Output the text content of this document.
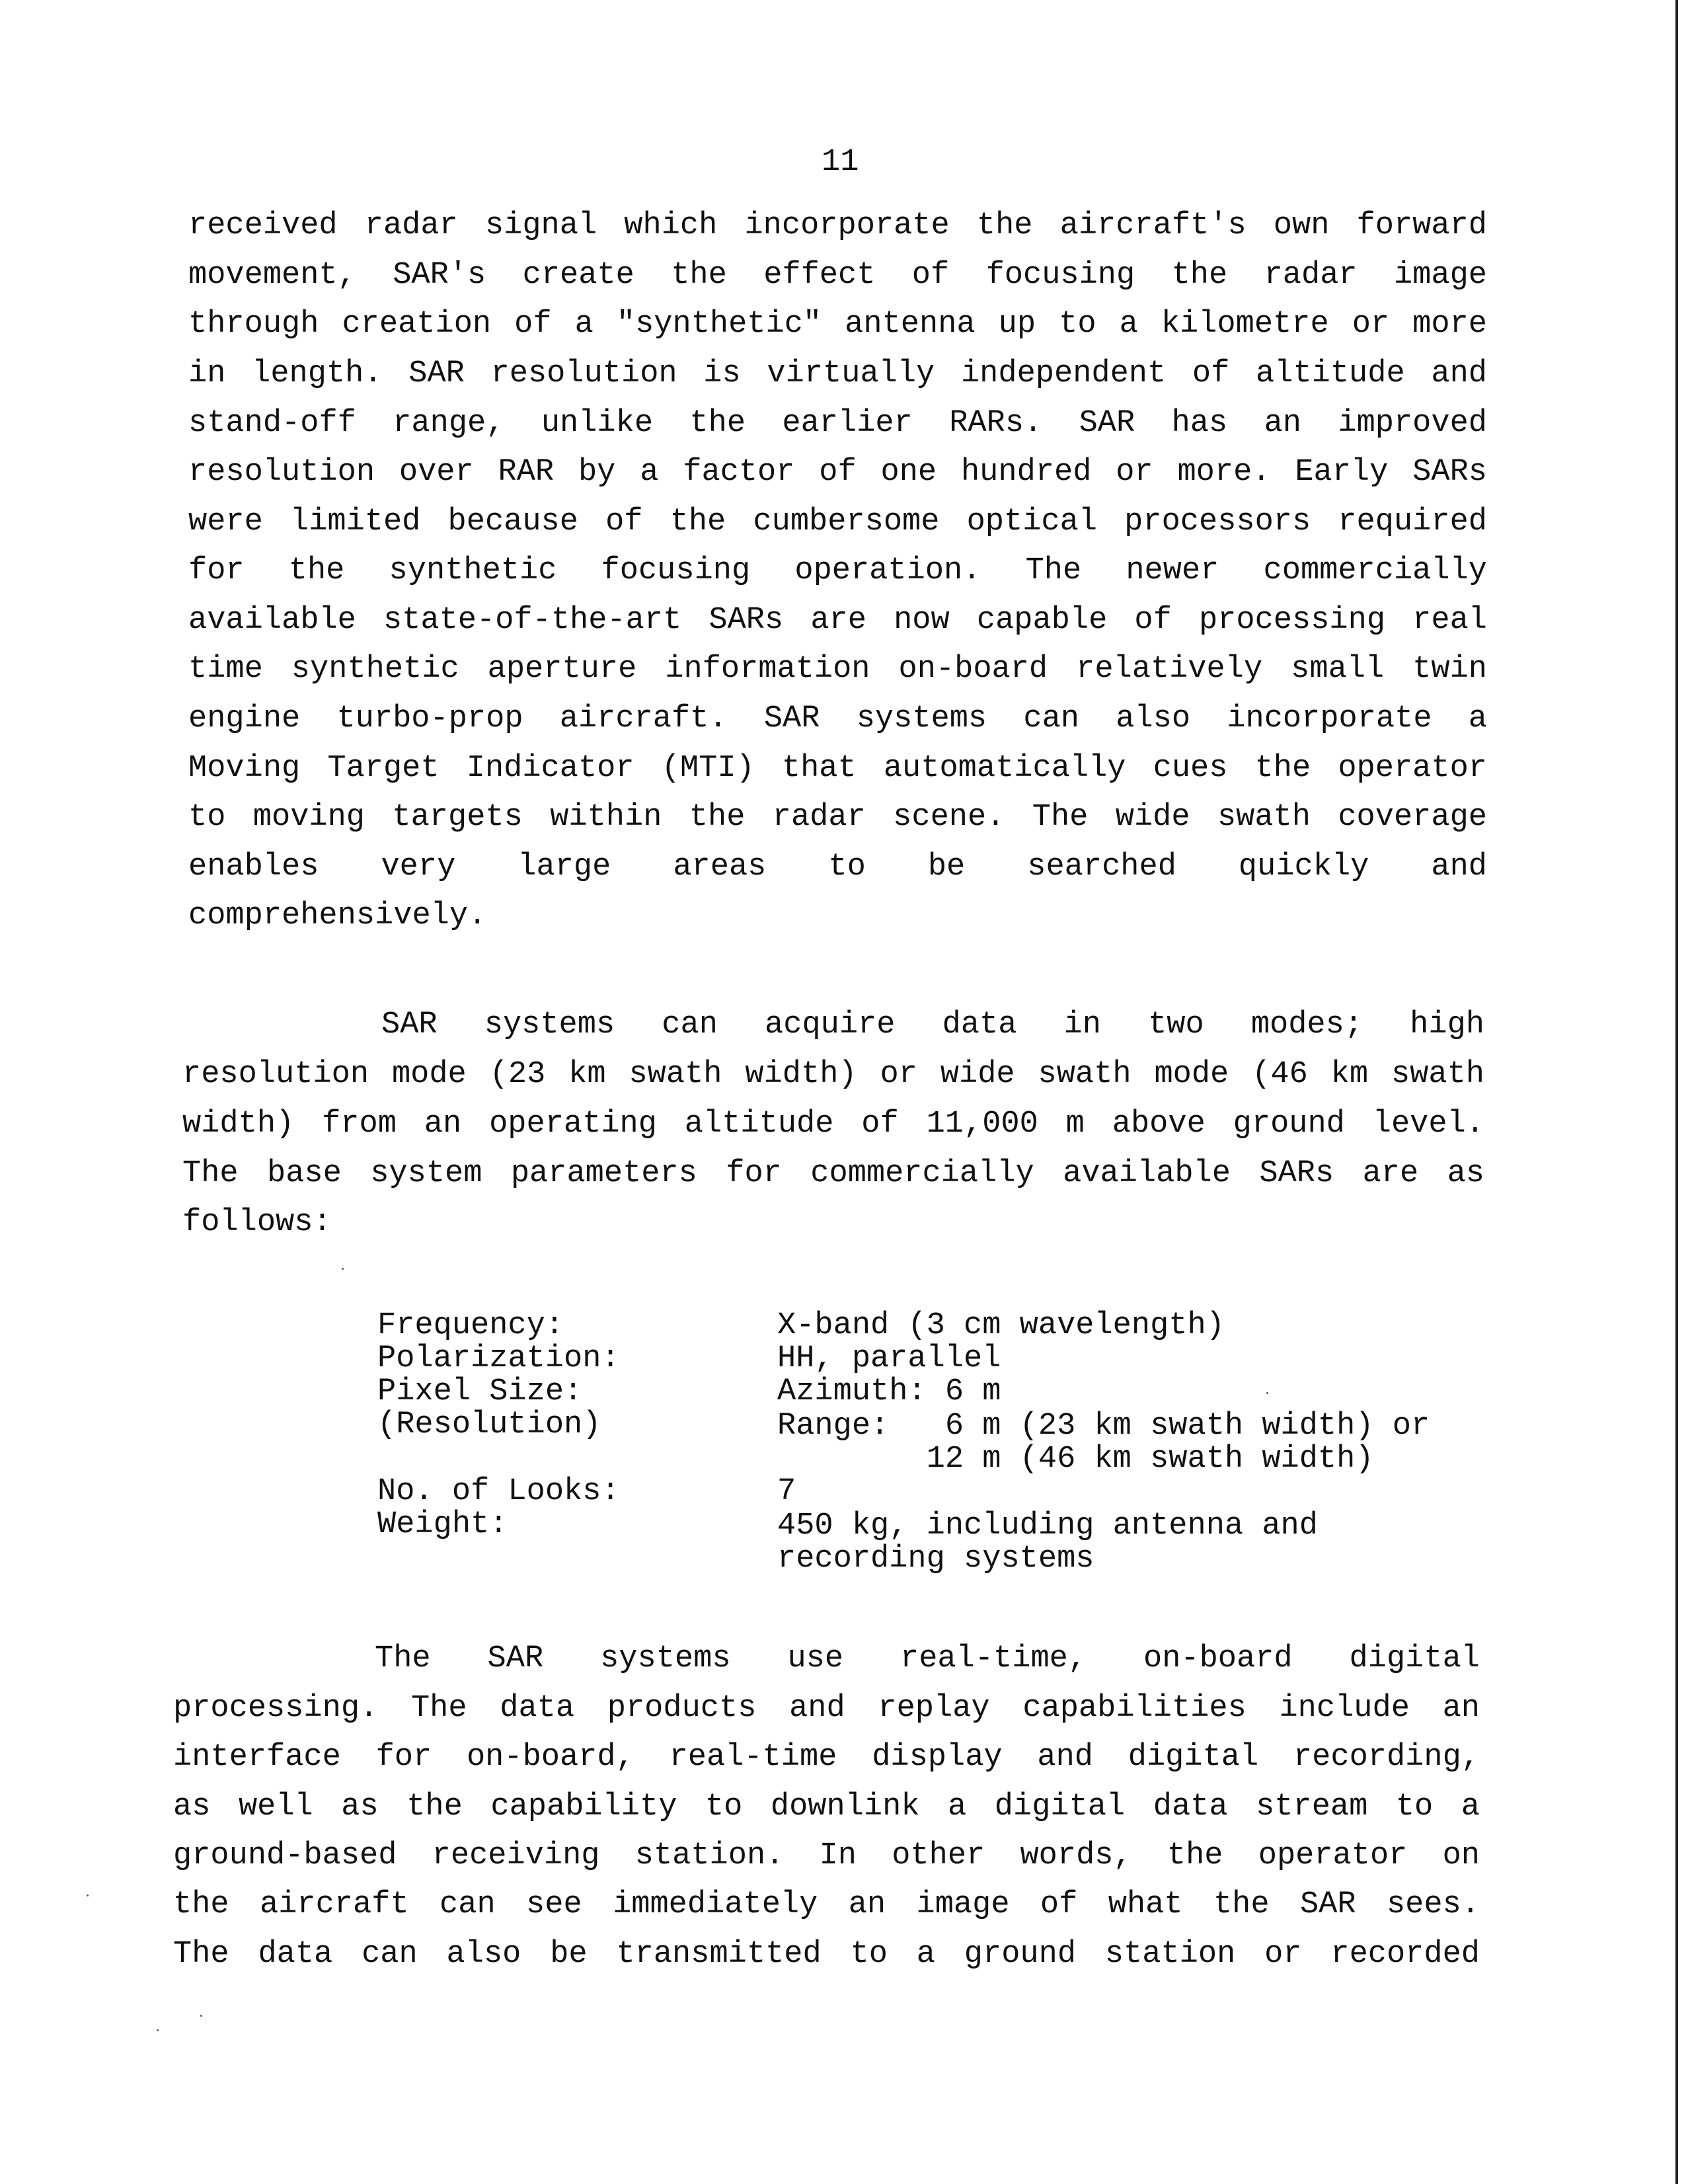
11
received radar signal which incorporate the aircraft's own forward
movement, SAR's create the effect of focusing the radar image
through creation of a "synthetic" antenna up to a kilometre or more
in length. SAR resolution is virtually independent of altitude and
stand-off range, unlike the earlier RARs. SAR has an improved
resolution over RAR by a factor of one hundred or more. Early SARs
were limited because of the cumbersome optical processors required
for the synthetic focusing operation. The newer commercially
available state-of-the-art SARs are now capable of processing real
time synthetic aperture information on-board relatively small twin
engine turbo-prop aircraft. SAR systems can also incorporate a
Moving Target Indicator (MTI) that automatically cues the operator
to moving targets within the radar scene. The wide swath coverage
enables very large areas to be searched quickly and
comprehensively.
SAR systems can acquire data in two modes; high
resolution mode (23 km swath width) or wide swath mode (46 km swath
width) from an operating altitude of 11,000 m above ground level.
The base system parameters for commercially available SARs are as
follows:
Frequency:
Polarization:
Pixel Size:
(Resolution)
No. of Looks:
Weight:
X-band (3 cm wavelength)
HH, parallel
Azimuth: 6 m
Range:   6 m (23 km swath width) or
12 m (46 km swath width)
7
450 kg, including antenna and
recording systems
The SAR systems use real-time, on-board digital
processing. The data products and replay capabilities include an
interface for on-board, real-time display and digital recording,
as well as the capability to downlink a digital data stream to a
ground-based receiving station. In other words, the operator on
the aircraft can see immediately an image of what the SAR sees.
The data can also be transmitted to a ground station or recorded
